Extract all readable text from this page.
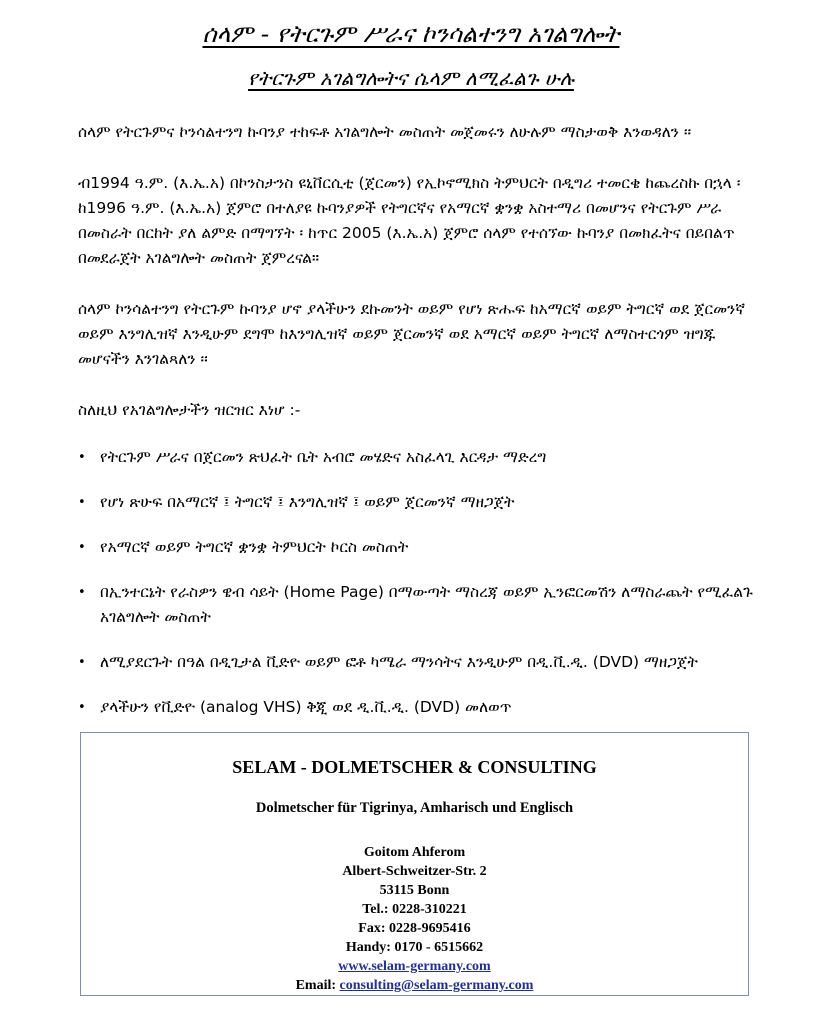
ሰላም - የትርጉም ሥራና ኮንሳልተንግ አገልግሎት
የትርጉም አገልግሎትና ሴላም ለሚፈልጉ ሁሉ

ሰላም የትርጉምና ኮንሳልተንግ ኩባንያ ተከፍቶ አገልግሎት መስጠት መጀመሩን ለሁሉም ማስታወቅ እንወዳለን ፡፡

ብ1994 ዓ.ም. (እ.ኤ.አ) በኮንስታንስ ዩኒቨርሲቲ (ጀርመን) የኢኮኖሚክስ ትምህርት በዲግሪ ተመርቄ ከጨረስኩ በኋላ ፡ ከ1996 ዓ.ም. (እ.ኤ.አ) ጀምሮ በተለያዩ ኩባንያዎች የትግርኛና የአማርኛ ቋንቋ አስተማሪ በመሆንና የትርጉም ሥራ በመስራት በርከት ያለ ልምድ በማግኘት ፡ ከጥር 2005 (እ.ኤ.አ) ጀምሮ ሰላም የተሰኘው ኩባንያ በመክፈትና በይበልጥ በመደራጀት አገልግሎት መስጠት ጀምረናል።

ሰላም ኮንሳልተንግ የትርጉም ኩባንያ ሆኖ ያላችሁን ደኩመንት ወይም የሆነ ጽሑፍ ከአማርኛ ወይም ትግርኛ ወደ ጀርመንኛ ወይም እንግሊዝኛ እንዲሁም ደግሞ ከእንግሊዝኛ ወይም ጀርመንኛ ወደ አማርኛ ወይም ትግርኛ ለማስተርጎም ዝግጁ መሆናችን እንገልጻለን ፡፡

ስለዚህ የአገልግሎታችን ዝርዝር እነሆ :-

• የትርጉም ሥራና በጀርመን ጽህፈት ቤት አብሮ መሄድና አስፈላጊ እርዳታ ማድረግ
• የሆነ ጽሁፍ በአማርኛ ፤ ትግርኛ ፤ እንግሊዝኛ ፤ ወይም ጀርመንኛ ማዘጋጀት
• የአማርኛ ወይም ትግርኛ ቋንቋ ትምህርት ኮርስ መስጠት
• በኢንተርኔት የራስዎን ዌብ ሳይት (Home Page) በማውጣት ማስረጃ ወይም ኢንፎርመሽን ለማስራጨት የሚፈልጉ አገልግሎት መስጠት
• ለሚያደርጉት በዓል በዲጊታል ቪድዮ ወይም ፎቶ ካሜራ ማንሳትና እንዲሁም በዲ.ቪ.ዲ. (DVD) ማዘጋጀት
• ያላችሁን የቪድዮ (analog VHS) ቅጂ ወደ ዲ.ቪ.ዲ. (DVD) መለወጥ
SELAM - DOLMETSCHER & CONSULTING
Dolmetscher für Tigrinya, Amharisch und Englisch
Goitom Ahferom
Albert-Schweitzer-Str. 2
53115 Bonn
Tel.: 0228-310221
Fax: 0228-9695416
Handy: 0170 - 6515662
www.selam-germany.com
Email: consulting@selam-germany.com
